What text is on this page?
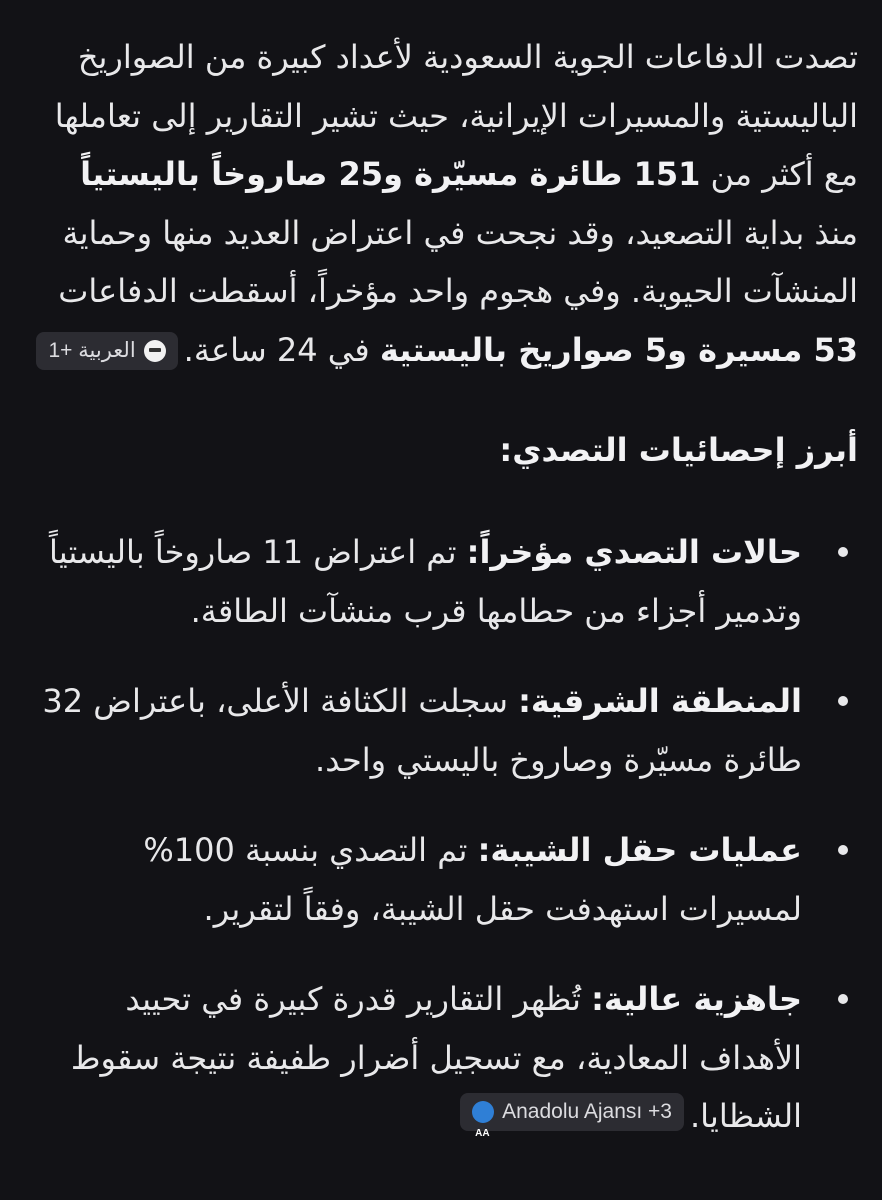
تصدت الدفاعات الجوية السعودية لأعداد كبيرة من الصواريخ الباليستية والمسيرات الإيرانية، حيث تشير التقارير إلى تعاملها مع أكثر من 151 طائرة مسيّرة و25 صاروخاً باليستياً منذ بداية التصعيد، وقد نجحت في اعتراض العديد منها وحماية المنشآت الحيوية. وفي هجوم واحد مؤخراً، أسقطت الدفاعات 53 مسيرة و5 صواريخ باليستية في 24 ساعة.
العربية +1

أبرز إحصائيات التصدي:
حالات التصدي مؤخراً: تم اعتراض 11 صاروخاً باليستياً وتدمير أجزاء من حطامها قرب منشآت الطاقة.
المنطقة الشرقية: سجلت الكثافة الأعلى، باعتراض 32 طائرة مسيّرة وصاروخ باليستي واحد.
عمليات حقل الشيبة: تم التصدي بنسبة 100% لمسيرات استهدفت حقل الشيبة، وفقاً لتقرير.
جاهزية عالية: تُظهر التقارير قدرة كبيرة في تحييد الأهداف المعادية، مع تسجيل أضرار طفيفة نتيجة سقوط الشظايا.
AA
Anadolu Ajansı +3
